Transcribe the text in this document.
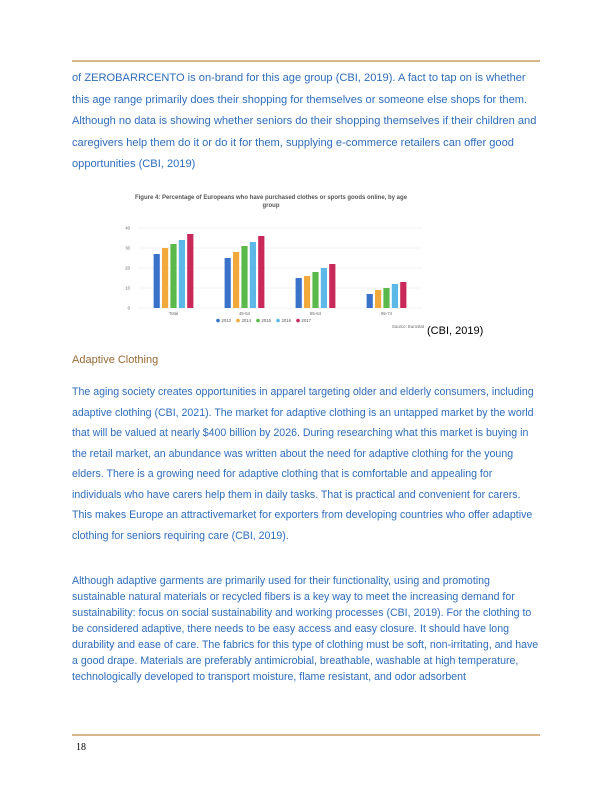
of ZEROBARRCENTO is on-brand for this age group (CBI, 2019). A fact to tap on is whether this age range primarily does their shopping for themselves or someone else shops for them. Although no data is showing whether seniors do their shopping themselves if their children and caregivers help them do it or do it for them, supplying e-commerce retailers can offer good opportunities (CBI, 2019)
Figure 4: Percentage of Europeans who have purchased clothes or sports goods online, by age group
0
10
20
30
40
Total	45-54	55-64	65-74
2013 2014 2015 2016 2017
Source: Eurostat (CBI, 2019)
Adaptive Clothing
The aging society creates opportunities in apparel targeting older and elderly consumers, including adaptive clothing (CBI, 2021). The market for adaptive clothing is an untapped market by the world that will be valued at nearly $400 billion by 2026. During researching what this market is buying in the retail market, an abundance was written about the need for adaptive clothing for the young elders. There is a growing need for adaptive clothing that is comfortable and appealing for individuals who have carers help them in daily tasks. That is practical and convenient for carers. This makes Europe an attractivemarket for exporters from developing countries who offer adaptive clothing for seniors requiring care (CBI, 2019).
Although adaptive garments are primarily used for their functionality, using and promoting sustainable natural materials or recycled fibers is a key way to meet the increasing demand for sustainability: focus on social sustainability and working processes (CBI, 2019). For the clothing to be considered adaptive, there needs to be easy access and easy closure. It should have long durability and ease of care. The fabrics for this type of clothing must be soft, non-irritating, and have a good drape. Materials are preferably antimicrobial, breathable, washable at high temperature, technologically developed to transport moisture, flame resistant, and odor adsorbent
18
